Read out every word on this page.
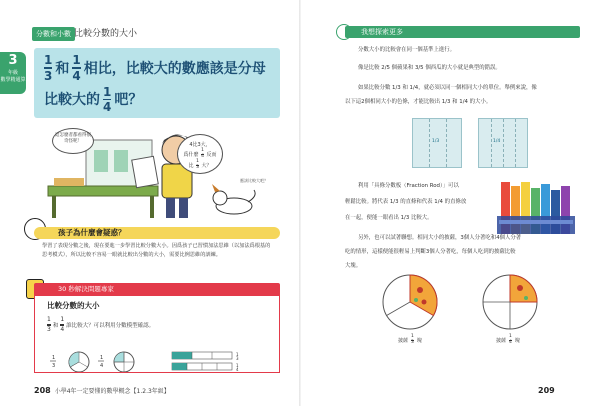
分數和小數 比較分數的大小
3
年級
數學精通算 $\frac{1}{3}$ 和 $\frac{1}{4}$ 相比，比較大的數應該是分母
比較大的 $\frac{1}{4}$ 吧？
這怎麼者都看得很奇怪呢！
4比3大，
爲什麼 $\frac{1}{4}$ 反而
比 $\frac{1}{3}$ 大？
應該比較大吧？
孩子為什麼會疑惑？
學習了表現分數之後，現在要進一步學習比較分數大小。因爲孩子已習慣加法思維（以加法爲根基的思考模式），所以比較不容易一眼就比較出分數的大小，需要比例思維的訓練。
30 秒解決問題專家
比較分數的大小
$\frac{1}{3}$ 和 $\frac{1}{4}$ 誰比較大？可以利用分數模型確認。
1
3
1
4
1
3
1
4
208 小學4年一定要懂的數學概念【1.2.3年級】
我想探索更多
分數大小的比較會在同一個基準上進行。
像是比較 2/5 個蘋果和 3/5 個西瓜的大小就是典型的錯誤。
如果比較分數 1/3 和 1/4，就必須以同一個相同大小的單位。舉例來說，像
以下這2個相同大小的色條，才能比較出 1/3 和 1/4 的大小。
1/3	1/4
利用「具條分數板（Fraction Rod）」可以
輕鬆比較。將代表 1/3 的直條和代表 1/4 的直條放
在一起，便能一眼看出 1/3 比較大。
另外，也可以試著聯想。相同大小的披薩，3個人分著吃和4個人分著
吃的情形，這樣便能很輕易上判斷3個人分著吃，每個人吃到的披薩比較
大塊。
披薩 $\frac{1}{3}$ 塊	披薩 $\frac{1}{4}$ 塊
209
